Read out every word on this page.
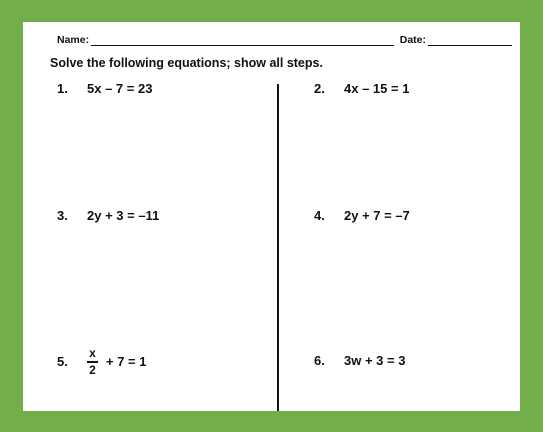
Name:	Date:
Solve the following equations; show all steps.
1.	5x – 7 = 23	2.	4x – 15 = 1
3.	2y + 3 = –11	4.	2y + 7 = –7
5.	$\frac{x}{2} + 7 = 1$	6.	3w + 3 = 3
